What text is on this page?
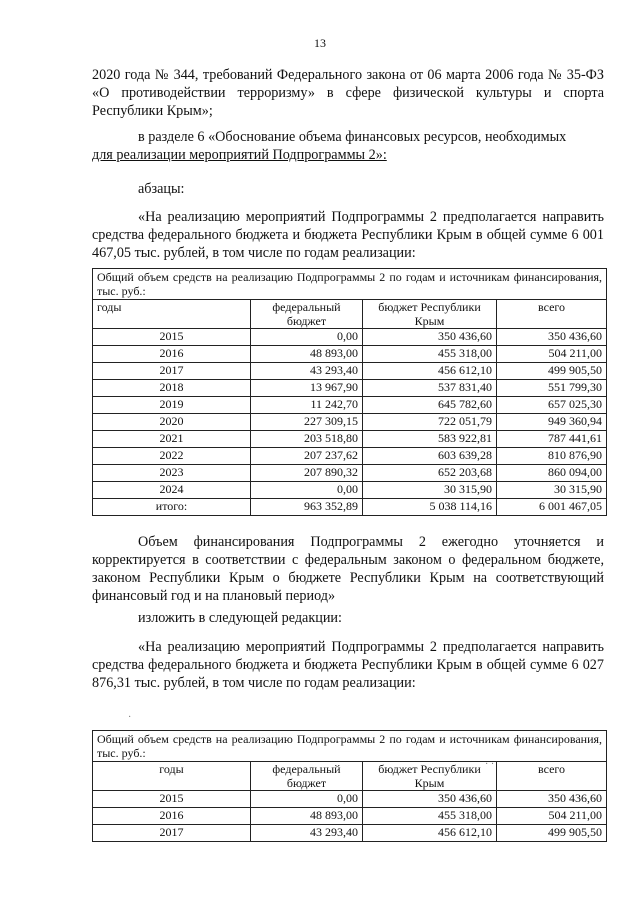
13

2020 года № 344, требований Федерального закона от 06 марта 2006 года № 35-ФЗ «О противодействии терроризму» в сфере физической культуры и спорта Республики Крым»;

в разделе 6 «Обоснование объема финансовых ресурсов, необходимых

для реализации мероприятий Подпрограммы 2»:

абзацы:

«На реализацию мероприятий Подпрограммы 2 предполагается направить средства федерального бюджета и бюджета Республики Крым в общей сумме 6 001 467,05 тыс. рублей, в том числе по годам реализации:

Общий объем средств на реализацию Подпрограммы 2 по годам и источникам финансирования, тыс. руб.:			
годы	федеральный бюджет	бюджет Республики Крым	всего
2015	0,00	350 436,60	350 436,60
2016	48 893,00	455 318,00	504 211,00
2017	43 293,40	456 612,10	499 905,50
2018	13 967,90	537 831,40	551 799,30
2019	11 242,70	645 782,60	657 025,30
2020	227 309,15	722 051,79	949 360,94
2021	203 518,80	583 922,81	787 441,61
2022	207 237,62	603 639,28	810 876,90
2023	207 890,32	652 203,68	860 094,00
2024	0,00	30 315,90	30 315,90
итого:	963 352,89	5 038 114,16	6 001 467,05

Объем финансирования Подпрограммы 2 ежегодно уточняется и корректируется в соответствии с федеральным законом о федеральном бюджете, законом Республики Крым о бюджете Республики Крым на соответствующий финансовый год и на плановый период»

изложить в следующей редакции:

«На реализацию мероприятий Подпрограммы 2 предполагается направить средства федерального бюджета и бюджета Республики Крым в общей сумме 6 027 876,31 тыс. рублей, в том числе по годам реализации:

Общий объем средств на реализацию Подпрограммы 2 по годам и источникам финансирования, тыс. руб.:			
годы	федеральный бюджет	бюджет Республики Крым	всего
2015	0,00	350 436,60	350 436,60
2016	48 893,00	455 318,00	504 211,00
2017	43 293,40	456 612,10	499 905,50
· ·
·
